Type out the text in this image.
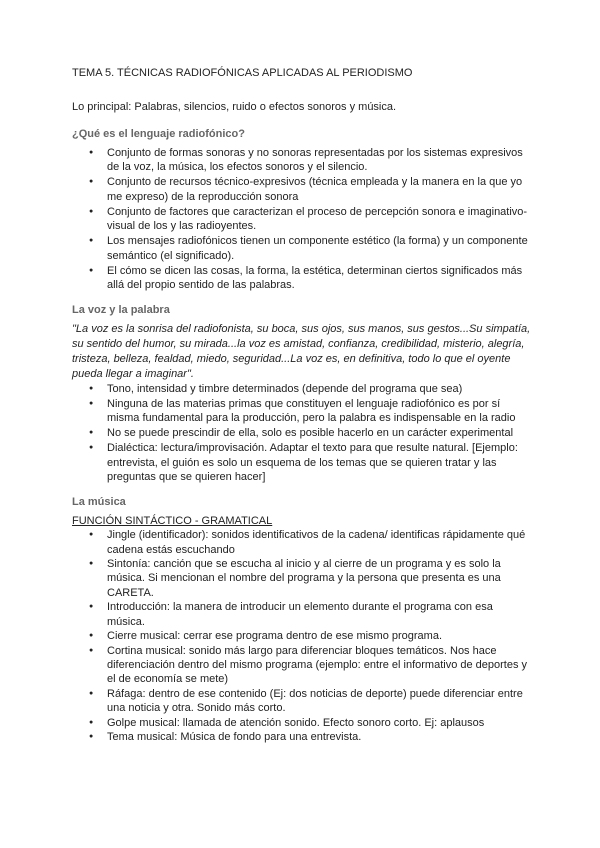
TEMA 5. TÉCNICAS RADIOFÓNICAS APLICADAS AL PERIODISMO

Lo principal: Palabras, silencios, ruido o efectos sonoros y música.

¿Qué es el lenguaje radiofónico?

● Conjunto de formas sonoras y no sonoras representadas por los sistemas expresivos de la voz, la música, los efectos sonoros y el silencio.
● Conjunto de recursos técnico-expresivos (técnica empleada y la manera en la que yo me expreso) de la reproducción sonora
● Conjunto de factores que caracterizan el proceso de percepción sonora e imaginativo-visual de los y las radioyentes.
● Los mensajes radiofónicos tienen un componente estético (la forma) y un componente semántico (el significado).
● El cómo se dicen las cosas, la forma, la estética, determinan ciertos significados más allá del propio sentido de las palabras.

La voz y la palabra

"La voz es la sonrisa del radiofonista, su boca, sus ojos, sus manos, sus gestos...Su simpatía, su sentido del humor, su mirada...la voz es amistad, confianza, credibilidad, misterio, alegría, tristeza, belleza, fealdad, miedo, seguridad...La voz es, en definitiva, todo lo que el oyente

pueda llegar a imaginar".

● Tono, intensidad y timbre determinados (depende del programa que sea)
● Ninguna de las materias primas que constituyen el lenguaje radiofónico es por sí misma fundamental para la producción, pero la palabra es indispensable en la radio
● No se puede prescindir de ella, solo es posible hacerlo en un carácter experimental
● Dialéctica: lectura/improvisación. Adaptar el texto para que resulte natural. [Ejemplo: entrevista, el guión es solo un esquema de los temas que se quieren tratar y las preguntas que se quieren hacer]

La música

FUNCIÓN SINTÁCTICO - GRAMATICAL

● Jingle (identificador): sonidos identificativos de la cadena/ identificas rápidamente qué cadena estás escuchando
● Sintonía: canción que se escucha al inicio y al cierre de un programa y es solo la música. Si mencionan el nombre del programa y la persona que presenta es una CARETA.
● Introducción: la manera de introducir un elemento durante el programa con esa música.
● Cierre musical: cerrar ese programa dentro de ese mismo programa.
● Cortina musical: sonido más largo para diferenciar bloques temáticos. Nos hace diferenciación dentro del mismo programa (ejemplo: entre el informativo de deportes y el de economía se mete)
● Ráfaga: dentro de ese contenido (Ej: dos noticias de deporte) puede diferenciar entre una noticia y otra. Sonido más corto.
● Golpe musical: llamada de atención sonido. Efecto sonoro corto. Ej: aplausos
● Tema musical: Música de fondo para una entrevista.
